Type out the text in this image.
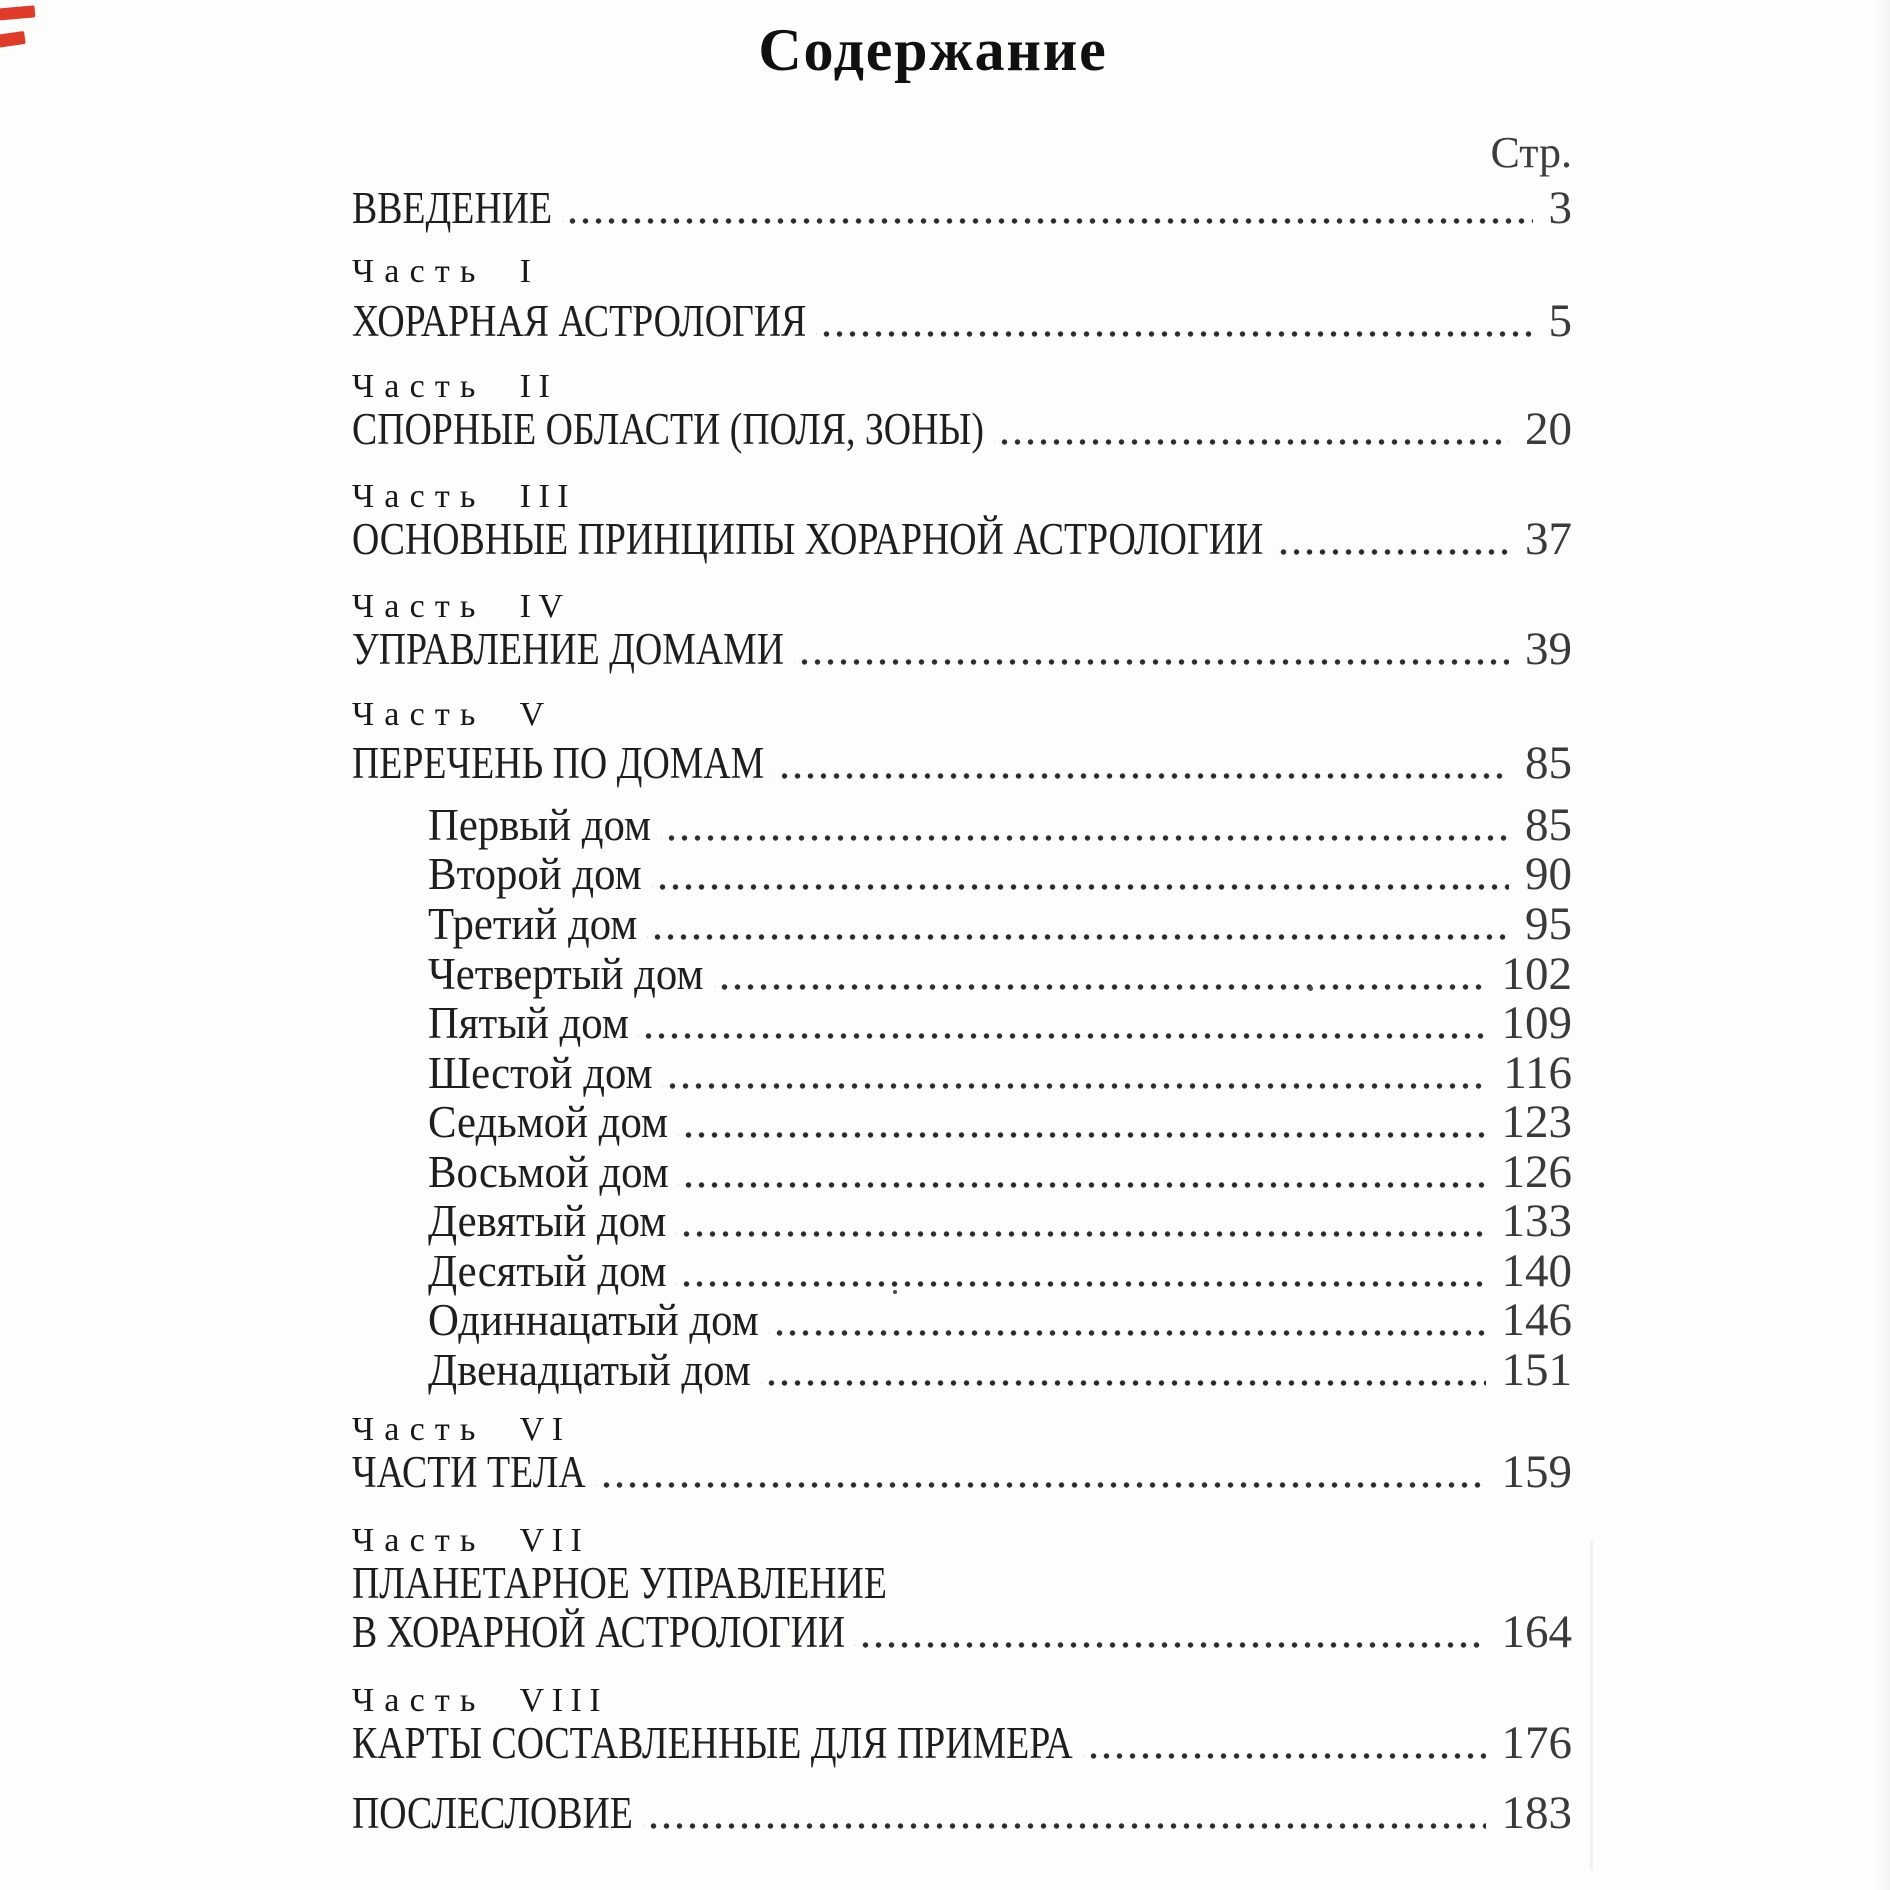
Содержание
Стр.
ВВЕДЕНИЕ	3
Часть I
ХОРАРНАЯ АСТРОЛОГИЯ	5
Часть II
СПОРНЫЕ ОБЛАСТИ (ПОЛЯ, ЗОНЫ)	20
Часть III
ОСНОВНЫЕ ПРИНЦИПЫ ХОРАРНОЙ АСТРОЛОГИИ	37
Часть IV
УПРАВЛЕНИЕ ДОМАМИ	39
Часть V
ПЕРЕЧЕНЬ ПО ДОМАМ	85
Первый дом	85
Второй дом	90
Третий дом	95
Четвертый дом	102
Пятый дом	109
Шестой дом	116
Седьмой дом	123
Восьмой дом	126
Девятый дом	133
Десятый дом	140
Одиннацатый дом	146
Двенадцатый дом	151
Часть VI
ЧАСТИ ТЕЛА	159
Часть VII
ПЛАНЕТАРНОЕ УПРАВЛЕНИЕ
В ХОРАРНОЙ АСТРОЛОГИИ	164
Часть VIII
КАРТЫ СОСТАВЛЕННЫЕ ДЛЯ ПРИМЕРА	176
ПОСЛЕСЛОВИЕ	183
